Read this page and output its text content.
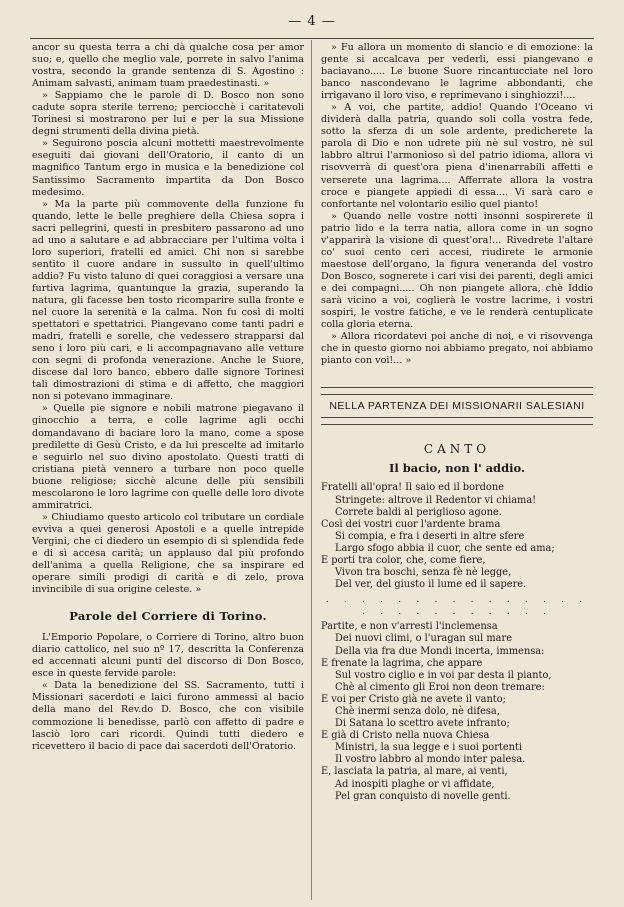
— 4 —

ancor su questa terra a chi dà qualche cosa per amor suo; e, quello che meglio vale, porrete in salvo l'anima vostra, secondo la grande sentenza di S. Agostino : Animam salvasti, animam tuam praedestinasti. »

» Sappiamo che le parole di D. Bosco non sono cadute sopra sterile terreno; perciocchè i caritatevoli Torinesi si mostrarono per lui e per la sua Missione degni strumenti della divina pietà.

» Seguirono poscia alcuni mottetti maestrevolmente eseguiti dai giovani dell'Oratorio, il canto di un magnifico Tantum ergo in musica e la benedizione col Santissimo Sacramento impartita da Don Bosco medesimo.

» Ma la parte più commovente della funzione fu quando, lette le belle preghiere della Chiesa sopra i sacri pellegrini, questi in presbitero passarono ad uno ad uno a salutare e ad abbracciare per l'ultima volta i loro superiori, fratelli ed amici. Chi non si sarebbe sentito il cuore andare in sussulto in quell'ultimo addio? Fu visto taluno di quei coraggiosi a versare una furtiva lagrima, quantunque la grazia, superando la natura, gli facesse ben tosto ricomparire sulla fronte e nel cuore la serenità e la calma. Non fu così di molti spettatori e spettatrici. Piangevano come tanti padri e madri, fratelli e sorelle, che vedessero strapparsi dal seno i loro più cari, e li accompagnavano alle vetture con segni di profonda venerazione. Anche le Suore, discese dal loro banco, ebbero dalle signore Torinesi tali dimostrazioni di stima e di affetto, che maggiori non si potevano immaginare.

» Quelle pie signore e nobili matrone piegavano il ginocchio a terra, e colle lagrime agli occhi domandavano di baciare loro la mano, come a spose predilette di Gesù Cristo, e da lui prescelte ad imitarlo e seguirlo nel suo divino apostolato. Questi tratti di cristiana pietà vennero a turbare non poco quelle buone religiose; sicchè alcune delle più sensibili mescolarono le loro lagrime con quelle delle loro divote ammiratrici.

» Chiudiamo questo articolo col tributare un cordiale evviva a quei generosi Apostoli e a quelle intrepide Vergini, che ci diedero un esempio di sì splendida fede e di sì accesa carità; un applauso dal più profondo dell'anima a quella Religione, che sa inspirare ed operare simili prodigi di carità e di zelo, prova invincibile di sua origine celeste. »

Parole del Corriere di Torino.

L'Emporio Popolare, o Corriere di Torino, altro buon diario cattolico, nel suo nº 17, descritta la Conferenza ed accennati alcuni punti del discorso di Don Bosco, esce in queste fervide parole:

« Data la benedizione del SS. Sacramento, tutti i Missionari sacerdoti e laici furono ammessi al bacio della mano del Rev.do D. Bosco, che con visibile commozione li benedisse, parlò con affetto di padre e lasciò loro cari ricordi. Quindi tutti diedero e ricevettero il bacio di pace dai sacerdoti dell'Oratorio.

» Fu allora un momento di slancio e di emozione: la gente si accalcava per vederli, essi piangevano e baciavano..... Le buone Suore rincantucciate nel loro banco nascondevano le lagrime abbondanti, che irrigavano il loro viso, e reprimevano i singhiozzi!....

» A voi, che partite, addio! Quando l'Oceano vi dividerà dalla patria, quando soli colla vostra fede, sotto la sferza di un sole ardente, predicherete la parola di Dio e non udrete più nè sul vostro, nè sul labbro altrui l'armonioso sì del patrio idioma, allora vi risovverrà di quest'ora piena d'inenarrabili affetti e verserete una lagrima.... Afferrate allora la vostra croce e piangete appiedi di essa.... Vi sarà caro e confortante nel volontario esilio quel pianto!

» Quando nelle vostre notti insonni sospirerete il patrio lido e la terra natia, allora come in un sogno v'apparirà la visione di quest'ora!... Rivedrete l'altare co' suoi cento ceri accesi, riudirete le armonie maestose dell'organo, la figura veneranda del vostro Don Bosco, sognerete i cari visi dei parenti, degli amici e dei compagni..... Oh non piangete allora, chè Iddio sarà vicino a voi, coglierà le vostre lacrime, i vostri sospiri, le vostre fatiche, e ve le renderà centuplicate colla gloria eterna.

» Allora ricordatevi poi anche di noi, e vi risovvenga che in questo giorno noi abbiamo pregato, noi abbiamo pianto con voi!... »

NELLA PARTENZA DEI MISSIONARII SALESIANI
CANTO
Il bacio, non l' addio.
Fratelli all'opra! Il saio ed il bordone
Stringete: altrove il Redentor vi chiama!
Correte baldi al periglioso agone.
Così dei vostri cuor l'ardente brama
Si compia, e fra i deserti in altre sfere
Largo sfogo abbia il cuor, che sente ed ama;
E porti tra color, che, come fiere,
Vivon tra boschi, senza fè nè legge,
Del ver, del giusto il lume ed il sapere.
. . . . . . . . . . . . . . . . . . . . . . . . . .
Partite, e non v'arresti l'inclemensa
Dei nuovi climi, o l'uragan sul mare
Della via fra due Mondi incerta, immensa:
E frenate la lagrima, che appare
Sul vostro ciglio e in voi par desta il pianto,
Chè al cimento gli Eroi non deon tremare:
E voi per Cristo già ne avete il vanto;
Chè inermi senza dolo, nè difesa,
Di Satana lo scettro avete infranto;
E già di Cristo nella nuova Chiesa
Ministri, la sua legge e i suoi portenti
Il vostro labbro al mondo inter palesa.
E, lasciata la patria, al mare, ai venti,
Ad inospiti plaghe or vi affidate,
Pel gran conquisto di novelle genti.
